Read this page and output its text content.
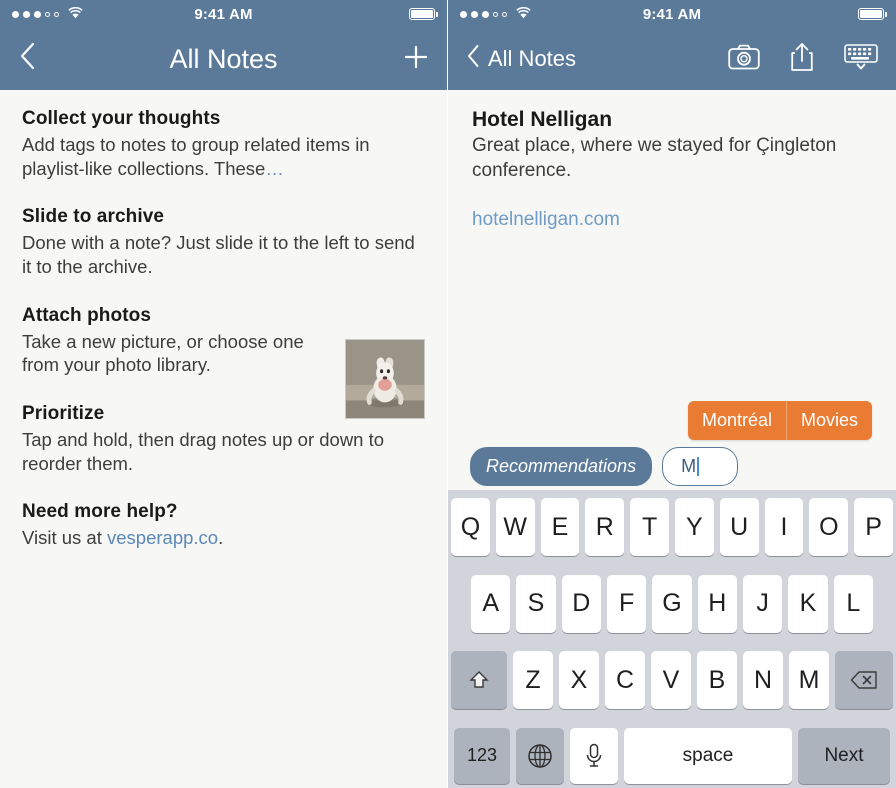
9:41 AM
All Notes
Collect your thoughts

Add tags to notes to group related items in playlist-like collections. These…

Slide to archive

Done with a note? Just slide it to the left to send it to the archive.

Attach photos

Take a new picture, or choose one from your photo library.

Prioritize

Tap and hold, then drag notes up or down to reorder them.

Need more help?

Visit us at vesperapp.co.

9:41 AM
All Notes
Hotel Nelligan

Great place, where we stayed for Çingleton conference.

hotelnelligan.com
Montréal	Movies
Recommendations	M
Q W E	R	T	Y	U	I	O	P
A	S	D	F	G	H	J	K	L
Z	X	C	V	B	N	M
123	space	Next
